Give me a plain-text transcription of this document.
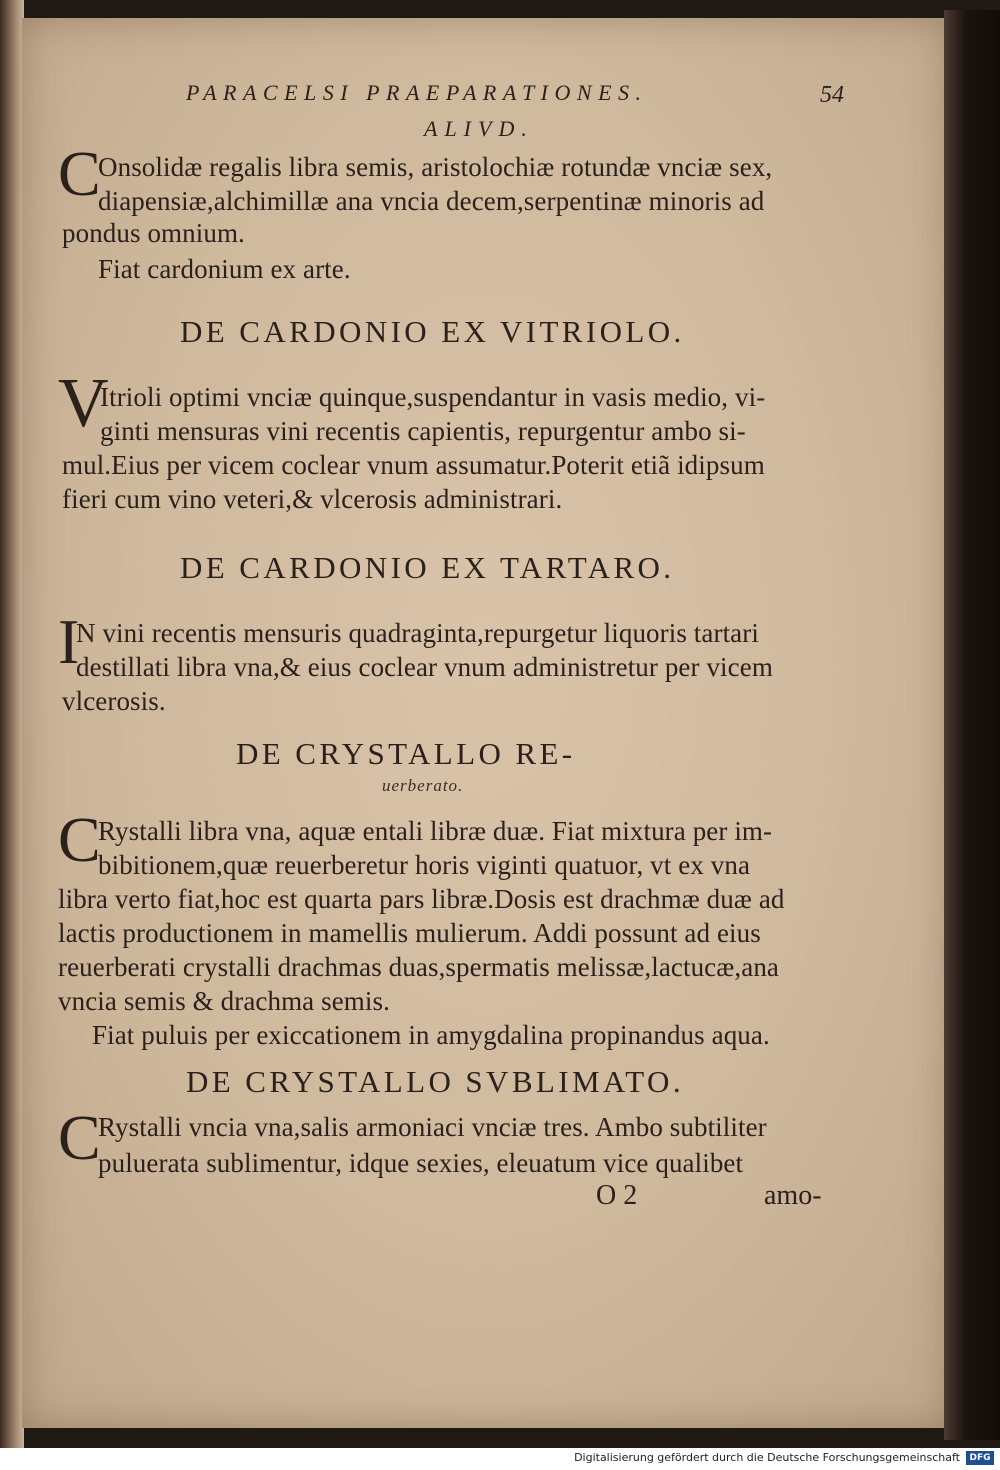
PARACELSI PRAEPARATIONES.	54
ALIVD.
C
Onsolidæ regalis libra semis, aristolochiæ rotundæ vnciæ sex,
diapensiæ,alchimillæ ana vncia decem,serpentinæ minoris ad
pondus omnium.
Fiat cardonium ex arte.
DE CARDONIO EX VITRIOLO.
V
Itrioli optimi vnciæ quinque,suspendantur in vasis medio, vi-
ginti mensuras vini recentis capientis, repurgentur ambo si-
mul.Eius per vicem coclear vnum assumatur.Poterit etiã idipsum
fieri cum vino veteri,& vlcerosis administrari.
DE CARDONIO EX TARTARO.
I
N vini recentis mensuris quadraginta,repurgetur liquoris tartari
destillati libra vna,& eius coclear vnum administretur per vicem
vlcerosis.
DE CRYSTALLO RE-
uerberato.
C
Rystalli libra vna, aquæ entali libræ duæ. Fiat mixtura per im-
bibitionem,quæ reuerberetur horis viginti quatuor, vt ex vna
libra verto fiat,hoc est quarta pars libræ.Dosis est drachmæ duæ ad
lactis productionem in mamellis mulierum. Addi possunt ad eius
reuerberati crystalli drachmas duas,spermatis melissæ,lactucæ,ana
vncia semis & drachma semis.
Fiat puluis per exiccationem in amygdalina propinandus aqua.
DE CRYSTALLO SVBLIMATO.
C
Rystalli vncia vna,salis armoniaci vnciæ tres. Ambo subtiliter
puluerata sublimentur, idque sexies, eleuatum vice qualibet
O 2	amo-
Digitalisierung gefördert durch die Deutsche Forschungsgemeinschaft	DFG
